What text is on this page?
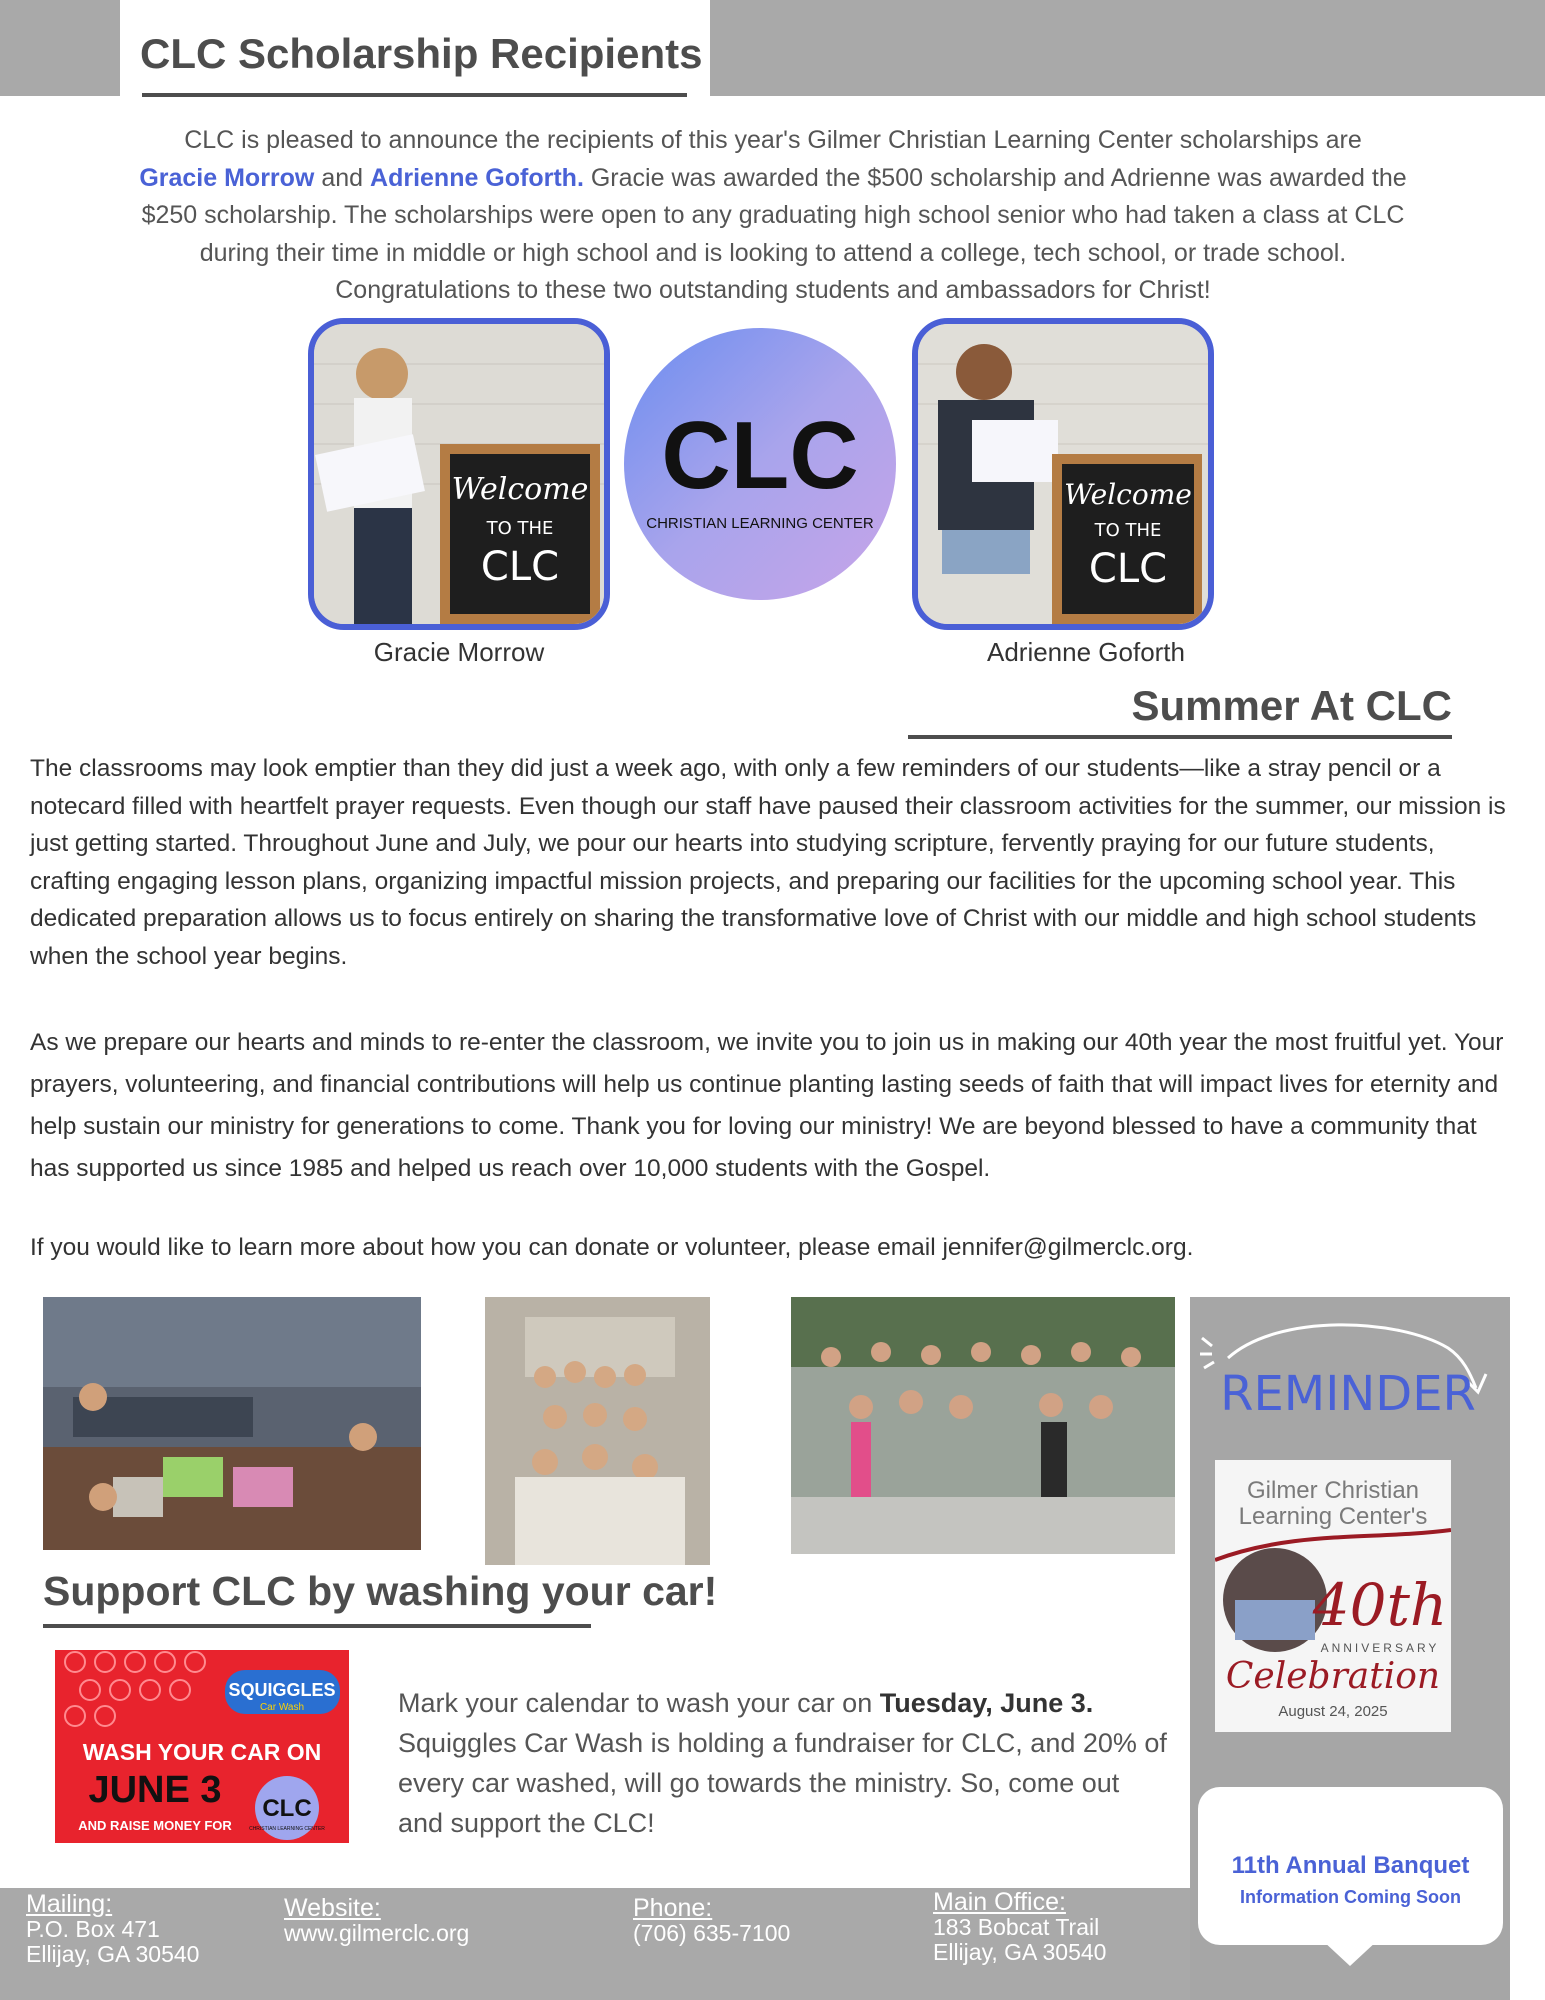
CLC Scholarship Recipients
CLC is pleased to announce the recipients of this year's Gilmer Christian Learning Center scholarships are
Gracie Morrow and Adrienne Goforth. Gracie was awarded the $500 scholarship and Adrienne was awarded the $250 scholarship. The scholarships were open to any graduating high school senior who had taken a class at CLC during their time in middle or high school and is looking to attend a college, tech school, or trade school. Congratulations to these two outstanding students and ambassadors for Christ!
Welcome
TO THE
CLC
CLC
CHRISTIAN LEARNING CENTER
Welcome
TO THE
CLC
Gracie Morrow	Adrienne Goforth
Summer At CLC
The classrooms may look emptier than they did just a week ago, with only a few reminders of our students—like a stray pencil or a notecard filled with heartfelt prayer requests. Even though our staff have paused their classroom activities for the summer, our mission is just getting started. Throughout June and July, we pour our hearts into studying scripture, fervently praying for our future students, crafting engaging lesson plans, organizing impactful mission projects, and preparing our facilities for the upcoming school year. This dedicated preparation allows us to focus entirely on sharing the transformative love of Christ with our middle and high school students when the school year begins.
As we prepare our hearts and minds to re-enter the classroom, we invite you to join us in making our 40th year the most fruitful yet. Your prayers, volunteering, and financial contributions will help us continue planting lasting seeds of faith that will impact lives for eternity and help sustain our ministry for generations to come. Thank you for loving our ministry! We are beyond blessed to have a community that has supported us since 1985 and helped us reach over 10,000 students with the Gospel.
If you would like to learn more about how you can donate or volunteer, please email jennifer@gilmerclc.org.
Support CLC by washing your car!
SQUIGGLES
Car Wash
WASH YOUR CAR ON
JUNE 3
AND RAISE MONEY FOR
CLC
CHRISTIAN LEARNING CENTER
Mark your calendar to wash your car on Tuesday, June 3. Squiggles Car Wash is holding a fundraiser for CLC, and 20% of every car washed, will go towards the ministry. So, come out and support the CLC!
REMINDER
Gilmer Christian
Learning Center's
40th
ANNIVERSARY
Celebration
August 24, 2025
11th Annual Banquet
Information Coming Soon
Mailing:
P.O. Box 471
Ellijay, GA 30540
Website:
www.gilmerclc.org
Phone:
(706) 635-7100
Main Office:
183 Bobcat Trail
Ellijay, GA 30540
